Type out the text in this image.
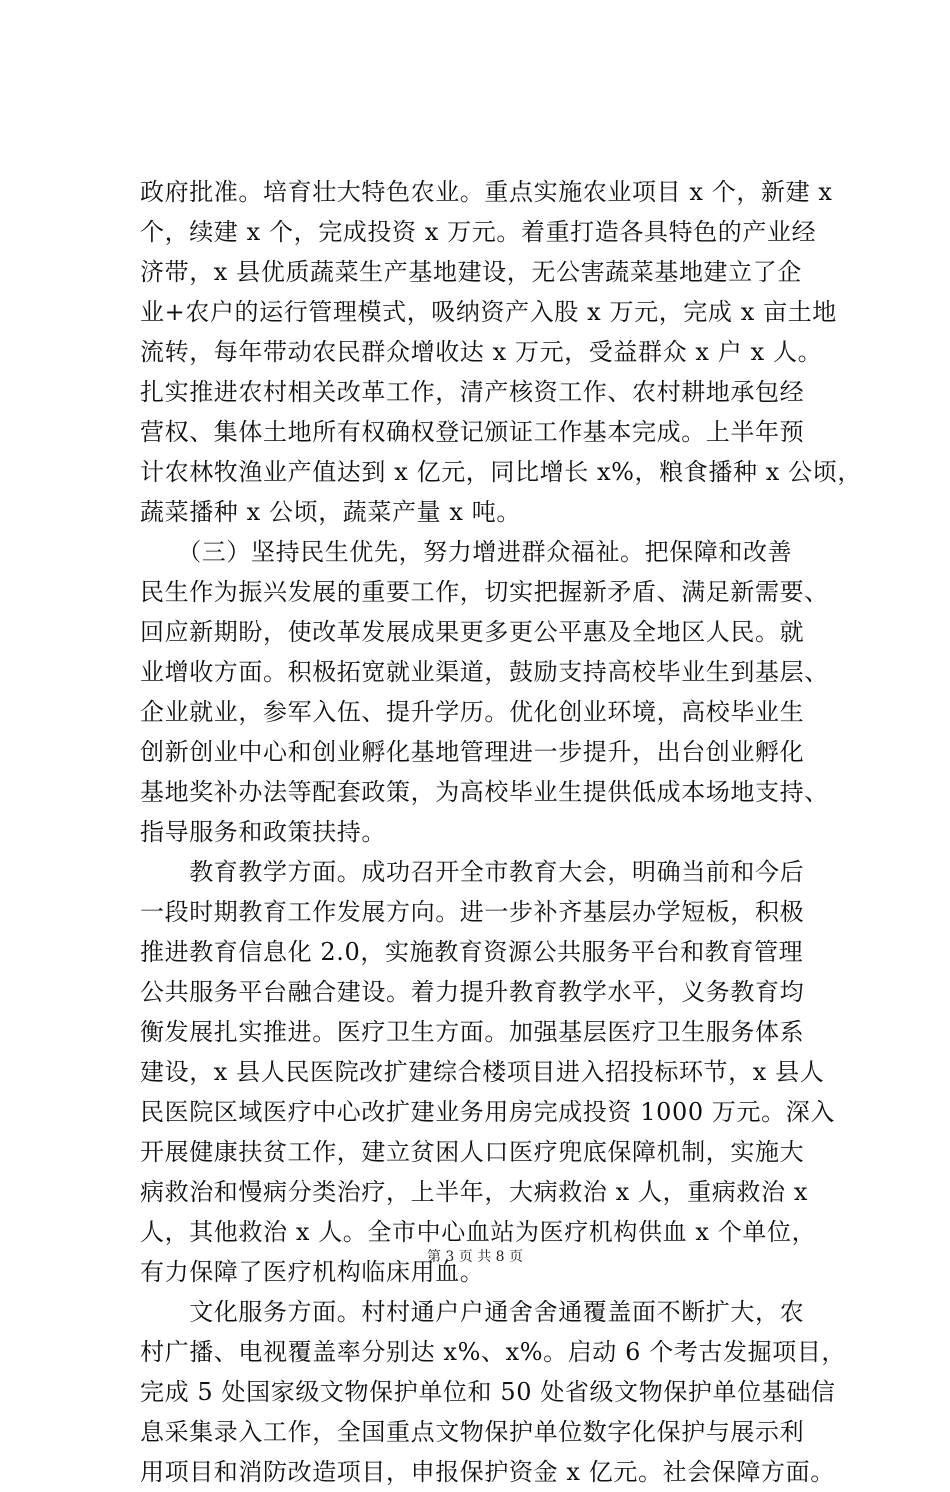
政府批准。培育壮大特色农业。重点实施农业项目 x 个，新建 x
个，续建 x 个，完成投资 x 万元。着重打造各具特色的产业经
济带，x 县优质蔬菜生产基地建设，无公害蔬菜基地建立了企
业+农户的运行管理模式，吸纳资产入股 x 万元，完成 x 亩土地
流转，每年带动农民群众增收达 x 万元，受益群众 x 户 x 人。
扎实推进农村相关改革工作，清产核资工作、农村耕地承包经
营权、集体土地所有权确权登记颁证工作基本完成。上半年预
计农林牧渔业产值达到 x 亿元，同比增长 x%，粮食播种 x 公顷，
蔬菜播种 x 公顷，蔬菜产量 x 吨。
　　（三）坚持民生优先，努力增进群众福祉。把保障和改善
民生作为振兴发展的重要工作，切实把握新矛盾、满足新需要、
回应新期盼，使改革发展成果更多更公平惠及全地区人民。就
业增收方面。积极拓宽就业渠道，鼓励支持高校毕业生到基层、
企业就业，参军入伍、提升学历。优化创业环境，高校毕业生
创新创业中心和创业孵化基地管理进一步提升，出台创业孵化
基地奖补办法等配套政策，为高校毕业生提供低成本场地支持、
指导服务和政策扶持。
　　教育教学方面。成功召开全市教育大会，明确当前和今后
一段时期教育工作发展方向。进一步补齐基层办学短板，积极
推进教育信息化 2.0，实施教育资源公共服务平台和教育管理
公共服务平台融合建设。着力提升教育教学水平，义务教育均
衡发展扎实推进。医疗卫生方面。加强基层医疗卫生服务体系
建设，x 县人民医院改扩建综合楼项目进入招投标环节，x 县人
民医院区域医疗中心改扩建业务用房完成投资 1000 万元。深入
开展健康扶贫工作，建立贫困人口医疗兜底保障机制，实施大
病救治和慢病分类治疗，上半年，大病救治 x 人，重病救治 x
人，其他救治 x 人。全市中心血站为医疗机构供血 x 个单位，
有力保障了医疗机构临床用血。
　　文化服务方面。村村通户户通舍舍通覆盖面不断扩大，农
村广播、电视覆盖率分别达 x%、x%。启动 6 个考古发掘项目，
完成 5 处国家级文物保护单位和 50 处省级文物保护单位基础信
息采集录入工作，全国重点文物保护单位数字化保护与展示利
用项目和消防改造项目，申报保护资金 x 亿元。社会保障方面。
第 3 页 共 8 页
